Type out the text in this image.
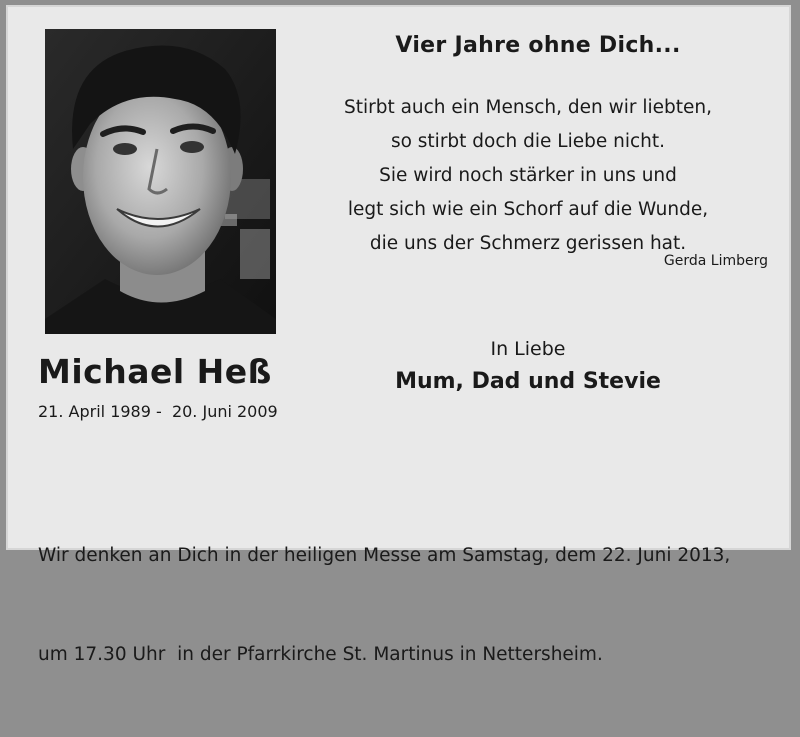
Vier Jahre ohne Dich...
Stirbt auch ein Mensch, den wir liebten,
so stirbt doch die Liebe nicht.
Sie wird noch stärker in uns und
legt sich wie ein Schorf auf die Wunde,
die uns der Schmerz gerissen hat.
Gerda Limberg
Michael Heß
21. April 1989 -  20. Juni 2009
In Liebe
Mum, Dad und Stevie

Wir denken an Dich in der heiligen Messe am Samstag, dem 22. Juni 2013,

um 17.30 Uhr  in der Pfarrkirche St. Martinus in Nettersheim.
